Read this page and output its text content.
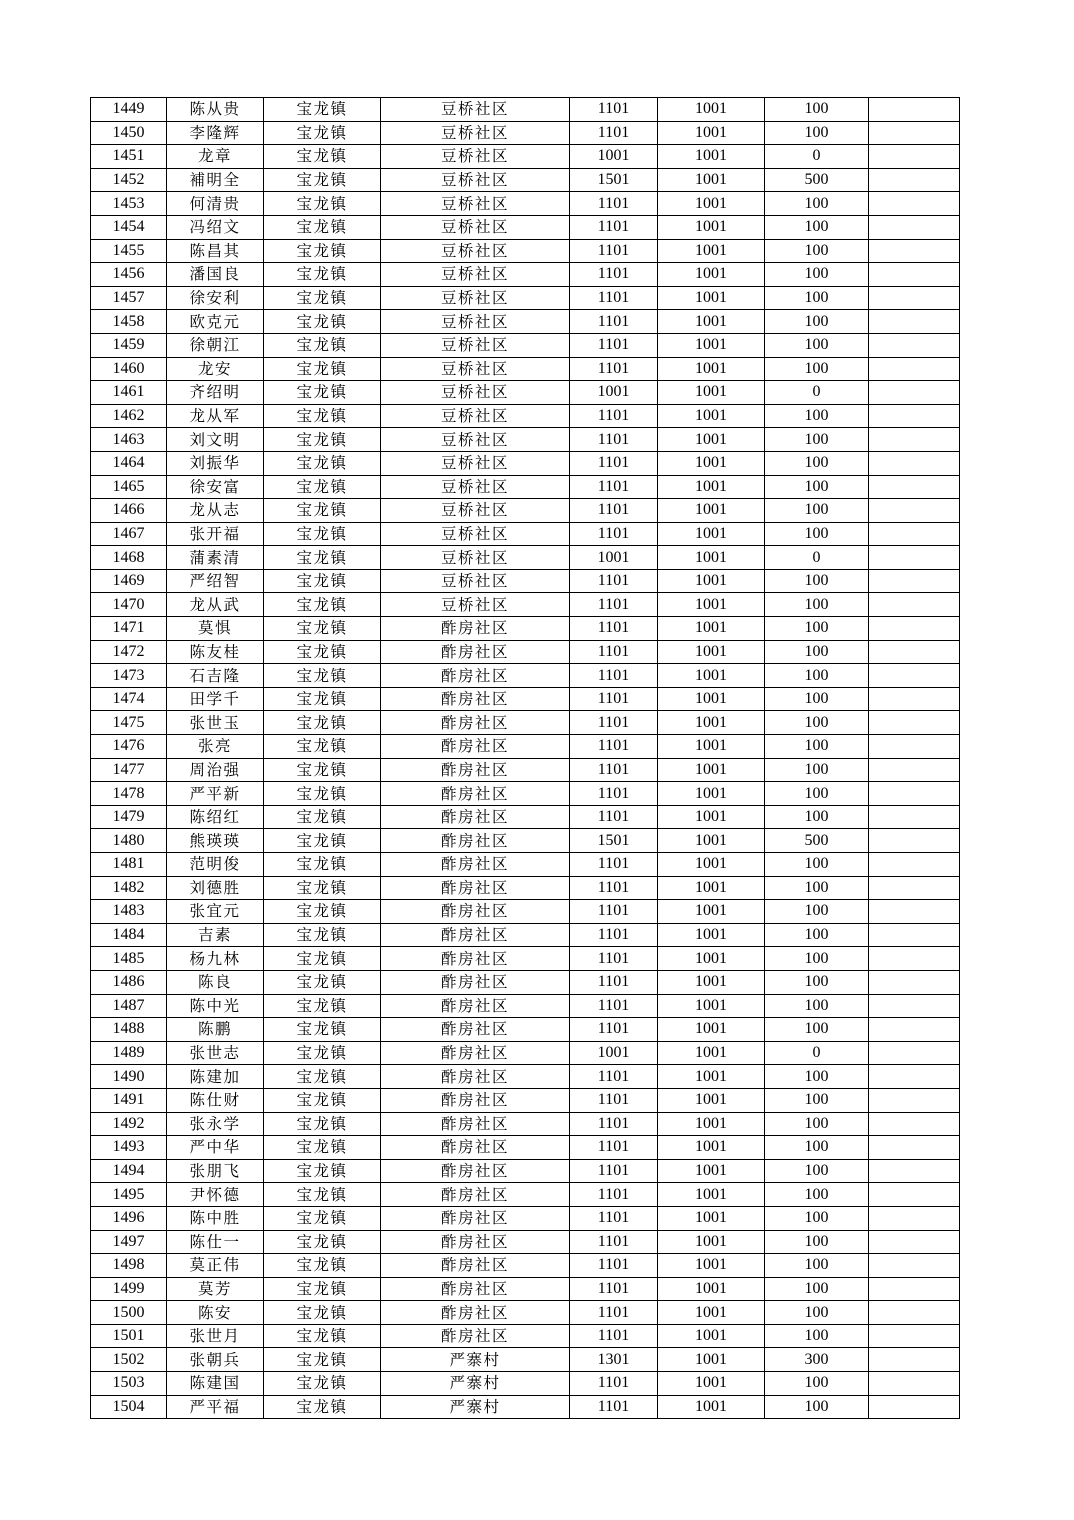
1449	陈从贵	宝龙镇	豆桥社区	1101	1001	100	
1450	李隆辉	宝龙镇	豆桥社区	1101	1001	100	
1451	龙章	宝龙镇	豆桥社区	1001	1001	0	
1452	補明全	宝龙镇	豆桥社区	1501	1001	500	
1453	何清贵	宝龙镇	豆桥社区	1101	1001	100	
1454	冯绍文	宝龙镇	豆桥社区	1101	1001	100	
1455	陈昌其	宝龙镇	豆桥社区	1101	1001	100	
1456	潘国良	宝龙镇	豆桥社区	1101	1001	100	
1457	徐安利	宝龙镇	豆桥社区	1101	1001	100	
1458	欧克元	宝龙镇	豆桥社区	1101	1001	100	
1459	徐朝江	宝龙镇	豆桥社区	1101	1001	100	
1460	龙安	宝龙镇	豆桥社区	1101	1001	100	
1461	齐绍明	宝龙镇	豆桥社区	1001	1001	0	
1462	龙从军	宝龙镇	豆桥社区	1101	1001	100	
1463	刘文明	宝龙镇	豆桥社区	1101	1001	100	
1464	刘振华	宝龙镇	豆桥社区	1101	1001	100	
1465	徐安富	宝龙镇	豆桥社区	1101	1001	100	
1466	龙从志	宝龙镇	豆桥社区	1101	1001	100	
1467	张开福	宝龙镇	豆桥社区	1101	1001	100	
1468	蒲素清	宝龙镇	豆桥社区	1001	1001	0	
1469	严绍智	宝龙镇	豆桥社区	1101	1001	100	
1470	龙从武	宝龙镇	豆桥社区	1101	1001	100	
1471	莫惧	宝龙镇	酢房社区	1101	1001	100	
1472	陈友桂	宝龙镇	酢房社区	1101	1001	100	
1473	石吉隆	宝龙镇	酢房社区	1101	1001	100	
1474	田学千	宝龙镇	酢房社区	1101	1001	100	
1475	张世玉	宝龙镇	酢房社区	1101	1001	100	
1476	张亮	宝龙镇	酢房社区	1101	1001	100	
1477	周治强	宝龙镇	酢房社区	1101	1001	100	
1478	严平新	宝龙镇	酢房社区	1101	1001	100	
1479	陈绍红	宝龙镇	酢房社区	1101	1001	100	
1480	熊瑛瑛	宝龙镇	酢房社区	1501	1001	500	
1481	范明俊	宝龙镇	酢房社区	1101	1001	100	
1482	刘德胜	宝龙镇	酢房社区	1101	1001	100	
1483	张宜元	宝龙镇	酢房社区	1101	1001	100	
1484	吉素	宝龙镇	酢房社区	1101	1001	100	
1485	杨九林	宝龙镇	酢房社区	1101	1001	100	
1486	陈良	宝龙镇	酢房社区	1101	1001	100	
1487	陈中光	宝龙镇	酢房社区	1101	1001	100	
1488	陈鹏	宝龙镇	酢房社区	1101	1001	100	
1489	张世志	宝龙镇	酢房社区	1001	1001	0	
1490	陈建加	宝龙镇	酢房社区	1101	1001	100	
1491	陈仕财	宝龙镇	酢房社区	1101	1001	100	
1492	张永学	宝龙镇	酢房社区	1101	1001	100	
1493	严中华	宝龙镇	酢房社区	1101	1001	100	
1494	张朋飞	宝龙镇	酢房社区	1101	1001	100	
1495	尹怀德	宝龙镇	酢房社区	1101	1001	100	
1496	陈中胜	宝龙镇	酢房社区	1101	1001	100	
1497	陈仕一	宝龙镇	酢房社区	1101	1001	100	
1498	莫正伟	宝龙镇	酢房社区	1101	1001	100	
1499	莫芳	宝龙镇	酢房社区	1101	1001	100	
1500	陈安	宝龙镇	酢房社区	1101	1001	100	
1501	张世月	宝龙镇	酢房社区	1101	1001	100	
1502	张朝兵	宝龙镇	严寨村	1301	1001	300	
1503	陈建国	宝龙镇	严寨村	1101	1001	100	
1504	严平福	宝龙镇	严寨村	1101	1001	100	
